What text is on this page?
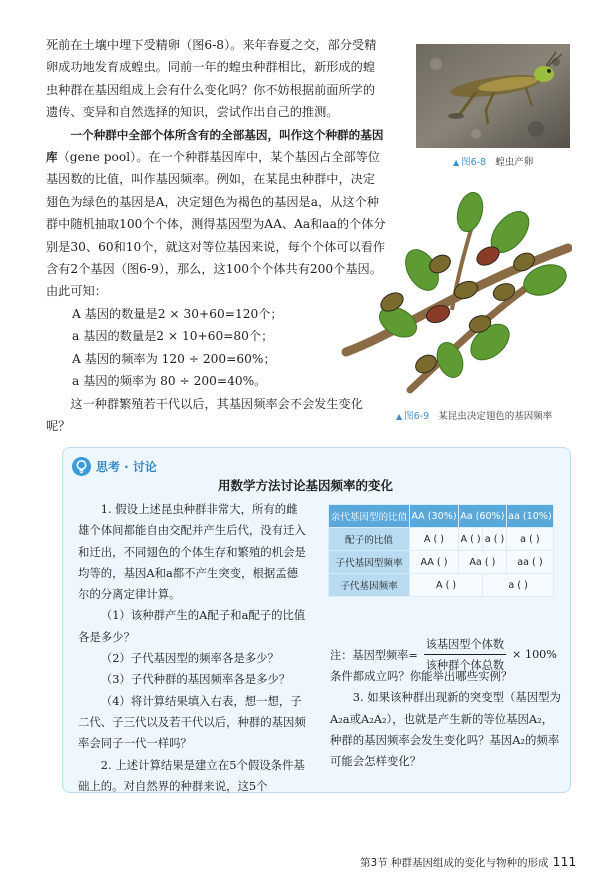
死前在土壤中埋下受精卵（图6-8）。来年春夏之交，部分受精卵成功地发育成蝗虫。同前一年的蝗虫种群相比，新形成的蝗虫种群在基因组成上会有什么变化吗？你不妨根据前面所学的遗传、变异和自然选择的知识，尝试作出自己的推测。

一个种群中全部个体所含有的全部基因，叫作这个种群的基因库（gene pool）。在一个种群基因库中，某个基因占全部等位基因数的比值，叫作基因频率。例如，在某昆虫种群中，决定翅色为绿色的基因是A，决定翅色为褐色的基因是a，从这个种群中随机抽取100个个体，测得基因型为AA、Aa和aa的个体分别是30、60和10个，就这对等位基因来说，每个个体可以看作含有2个基因（图6-9），那么，这100个个体共有200个基因。由此可知：

A 基因的数量是2 × 30+60=120个；

a 基因的数量是2 × 10+60=80个；

A 基因的频率为 120 ÷ 200=60%；

a 基因的频率为 80 ÷ 200=40%。

这一种群繁殖若干代以后，其基因频率会不会发生变化呢？

▲ 图6-8 蝗虫产卵
▲ 图6-9 某昆虫决定翅色的基因频率
思考 · 讨论
用数学方法讨论基因频率的变化

1. 假设上述昆虫种群非常大，所有的雌雄个体间都能自由交配并产生后代，没有迁入和迁出，不同翅色的个体生存和繁殖的机会是均等的，基因A和a都不产生突变，根据孟德尔的分离定律计算。

（1）该种群产生的A配子和a配子的比值各是多少？

（2）子代基因型的频率各是多少？

（3）子代种群的基因频率各是多少？

（4）将计算结果填入右表，想一想，子二代、子三代以及若干代以后，种群的基因频率会同子一代一样吗？

2. 上述计算结果是建立在5个假设条件基础上的。对自然界的种群来说，这5个

亲代基因型的比值	AA (30%)	Aa (60%)		aa (10%)
配子的比值	A ( )	A ( )	a ( )	a ( )
子代基因型频率	AA ( )	Aa ( )		aa ( )
子代基因频率	A ( )		a ( )	
注：基因型频率= $\frac{\text{该基因型个体数}}{\text{该种群个体总数}} \times 100\%$

条件都成立吗？你能举出哪些实例？

3. 如果该种群出现新的突变型（基因型为A₂a或A₂A₂），也就是产生新的等位基因A₂，种群的基因频率会发生变化吗？基因A₂的频率可能会怎样变化？

第3节 种群基因组成的变化与物种的形成 111
